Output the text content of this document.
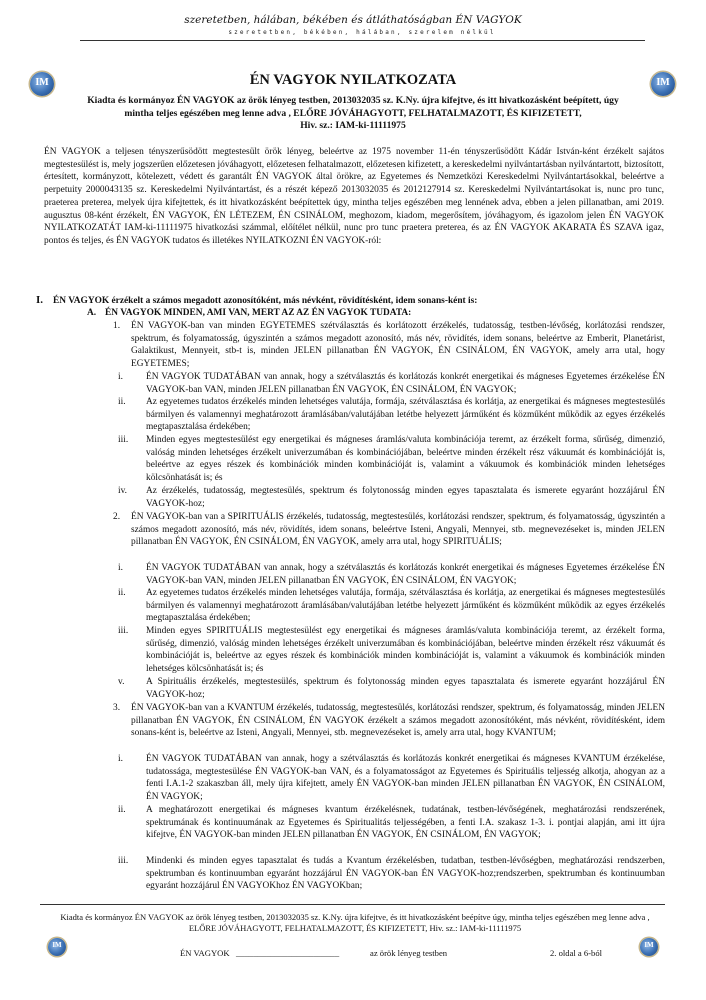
szeretetben, hálában, békében és átláthatóságban ÉN VAGYOK
szeretetben, békében, hálában, szerelem nélkül
IM	IM
ÉN VAGYOK NYILATKOZATA
Kiadta és kormányoz ÉN VAGYOK az örök lényeg testben, 2013032035 sz. K.Ny. újra kifejtve, és itt hivatkozásként beépített, úgy
mintha teljes egészében meg lenne adva , ELŐRE JÓVÁHAGYOTT, FELHATALMAZOTT, ÉS KIFIZETETT,
Hiv. sz.: IAM-ki-11111975
ÉN VAGYOK a teljesen tényszerűsödött megtestesült örök lényeg, beleértve az 1975 november 11-én tényszerűsödött Kádár István-ként érzékelt sajátos megtestesülést is, mely jogszerűen előzetesen jóváhagyott, előzetesen felhatalmazott, előzetesen kifizetett, a kereskedelmi nyilvántartásban nyilvántartott, biztosított, értesített, kormányzott, kötelezett, védett és garantált ÉN VAGYOK által örökre, az Egyetemes és Nemzetközi Kereskedelmi Nyilvántartásokkal, beleértve a perpetuity 2000043135 sz. Kereskedelmi Nyilvántartást, és a részét képező 2013032035 és 2012127914 sz. Kereskedelmi Nyilvántartásokat is, nunc pro tunc, praeterea preterea, melyek újra kifejtettek, és itt hivatkozásként beépítettek úgy, mintha teljes egészében meg lennének adva, ebben a jelen pillanatban, ami 2019. augusztus 08-ként érzékelt, ÉN VAGYOK, ÉN LÉTEZEM, ÉN CSINÁLOM, meghozom, kiadom, megerősítem, jóváhagyom, és igazolom jelen ÉN VAGYOK NYILATKOZATÁT IAM-ki-11111975 hivatkozási számmal, előítélet nélkül, nunc pro tunc praetera preterea, és az ÉN VAGYOK AKARATA ÉS SZAVA igaz, pontos és teljes, és ÉN VAGYOK tudatos és illetékes NYILATKOZNI ÉN VAGYOK-ról:
I. ÉN VAGYOK érzékelt a számos megadott azonosítóként, más névként, rövidítésként, idem sonans-ként is:
A. ÉN VAGYOK MINDEN, AMI VAN, MERT AZ AZ ÉN VAGYOK TUDATA:
1. ÉN VAGYOK-ban van minden EGYETEMES szétválasztás és korlátozott érzékelés, tudatosság, testben-lévőség, korlátozási rendszer, spektrum, és folyamatosság, úgyszintén a számos megadott azonosító, más név, rövidítés, idem sonans, beleértve az Emberit, Planetárist, Galaktikust, Mennyeit, stb-t is, minden JELEN pillanatban ÉN VAGYOK, ÉN CSINÁLOM, ÉN VAGYOK, amely arra utal, hogy EGYETEMES;
i. ÉN VAGYOK TUDATÁBAN van annak, hogy a szétválasztás és korlátozás konkrét energetikai és mágneses Egyetemes érzékelése ÉN VAGYOK-ban VAN, minden JELEN pillanatban ÉN VAGYOK, ÉN CSINÁLOM, ÉN VAGYOK;
ii. Az egyetemes tudatos érzékelés minden lehetséges valutája, formája, szétválasztása és korlátja, az energetikai és mágneses megtestesülés bármilyen és valamennyi meghatározott áramlásában/valutájában letétbe helyezett járműként és közműként működik az egyes érzékelés megtapasztalása érdekében;
iii. Minden egyes megtestesülést egy energetikai és mágneses áramlás/valuta kombinációja teremt, az érzékelt forma, sűrűség, dimenzió, valóság minden lehetséges érzékelt univerzumában és kombinációjában, beleértve minden érzékelt rész vákuumát és kombinációját is, beleértve az egyes részek és kombinációk minden kombinációját is, valamint a vákuumok és kombinációk minden lehetséges kölcsönhatását is; és
iv. Az érzékelés, tudatosság, megtestesülés, spektrum és folytonosság minden egyes tapasztalata és ismerete egyaránt hozzájárul ÉN VAGYOK-hoz;
2. ÉN VAGYOK-ban van a SPIRITUÁLIS érzékelés, tudatosság, megtestesülés, korlátozási rendszer, spektrum, és folyamatosság, úgyszintén a számos megadott azonosító, más név, rövidítés, idem sonans, beleértve Isteni, Angyali, Mennyei, stb. megnevezéseket is, minden JELEN pillanatban ÉN VAGYOK, ÉN CSINÁLOM, ÉN VAGYOK, amely arra utal, hogy SPIRITUÁLIS;
i. ÉN VAGYOK TUDATÁBAN van annak, hogy a szétválasztás és korlátozás konkrét energetikai és mágneses Egyetemes érzékelése ÉN VAGYOK-ban VAN, minden JELEN pillanatban ÉN VAGYOK, ÉN CSINÁLOM, ÉN VAGYOK;
ii. Az egyetemes tudatos érzékelés minden lehetséges valutája, formája, szétválasztása és korlátja, az energetikai és mágneses megtestesülés bármilyen és valamennyi meghatározott áramlásában/valutájában letétbe helyezett járműként és közműként működik az egyes érzékelés megtapasztalása érdekében;
iii. Minden egyes SPIRITUÁLIS megtestesülést egy energetikai és mágneses áramlás/valuta kombinációja teremt, az érzékelt forma, sűrűség, dimenzió, valóság minden lehetséges érzékelt univerzumában és kombinációjában, beleértve minden érzékelt rész vákuumát és kombinációját is, beleértve az egyes részek és kombinációk minden kombinációját is, valamint a vákuumok és kombinációk minden lehetséges kölcsönhatását is; és
v. A Spirituális érzékelés, megtestesülés, spektrum és folytonosság minden egyes tapasztalata és ismerete egyaránt hozzájárul ÉN VAGYOK-hoz;
3. ÉN VAGYOK-ban van a KVANTUM érzékelés, tudatosság, megtestesülés, korlátozási rendszer, spektrum, és folyamatosság, minden JELEN pillanatban ÉN VAGYOK, ÉN CSINÁLOM, ÉN VAGYOK érzékelt a számos megadott azonosítóként, más névként, rövidítésként, idem sonans-ként is, beleértve az Isteni, Angyali, Mennyei, stb. megnevezéseket is, amely arra utal, hogy KVANTUM;
i. ÉN VAGYOK TUDATÁBAN van annak, hogy a szétválasztás és korlátozás konkrét energetikai és mágneses KVANTUM érzékelése, tudatossága, megtestesülése ÉN VAGYOK-ban VAN, és a folyamatosságot az Egyetemes és Spirituális teljesség alkotja, ahogyan az a fenti I.A.1-2 szakaszban áll, mely újra kifejtett, amely ÉN VAGYOK-ban minden JELEN pillanatban ÉN VAGYOK, ÉN CSINÁLOM, ÉN VAGYOK;
ii. A meghatározott energetikai és mágneses kvantum érzékelésnek, tudatának, testben-lévőségének, meghatározási rendszerének, spektrumának és kontinuumának az Egyetemes és Spiritualitás teljességében, a fenti I.A. szakasz 1-3. i. pontjai alapján, ami itt újra kifejtve, ÉN VAGYOK-ban minden JELEN pillanatban ÉN VAGYOK, ÉN CSINÁLOM, ÉN VAGYOK;
iii. Mindenki és minden egyes tapasztalat és tudás a Kvantum érzékelésben, tudatban, testben-lévőségben, meghatározási rendszerben, spektrumban és kontinuumban egyaránt hozzájárul ÉN VAGYOK-ban ÉN VAGYOK-hoz;rendszerben, spektrumban és kontinuumban egyaránt hozzájárul ÉN VAGYOKhoz ÉN VAGYOKban;
Kiadta és kormányoz ÉN VAGYOK az örök lényeg testben, 2013032035 sz. K.Ny. újra kifejtve, és itt hivatkozásként beépítve úgy, mintha teljes egészében meg lenne adva , ELŐRE JÓVÁHAGYOTT, FELHATALMAZOTT, ÉS KIFIZETETT, Hiv. sz.: IAM-ki-11111975
IM	IM
ÉN VAGYOK ________________________	az örök lényeg testben	2. oldal a 6-ból
